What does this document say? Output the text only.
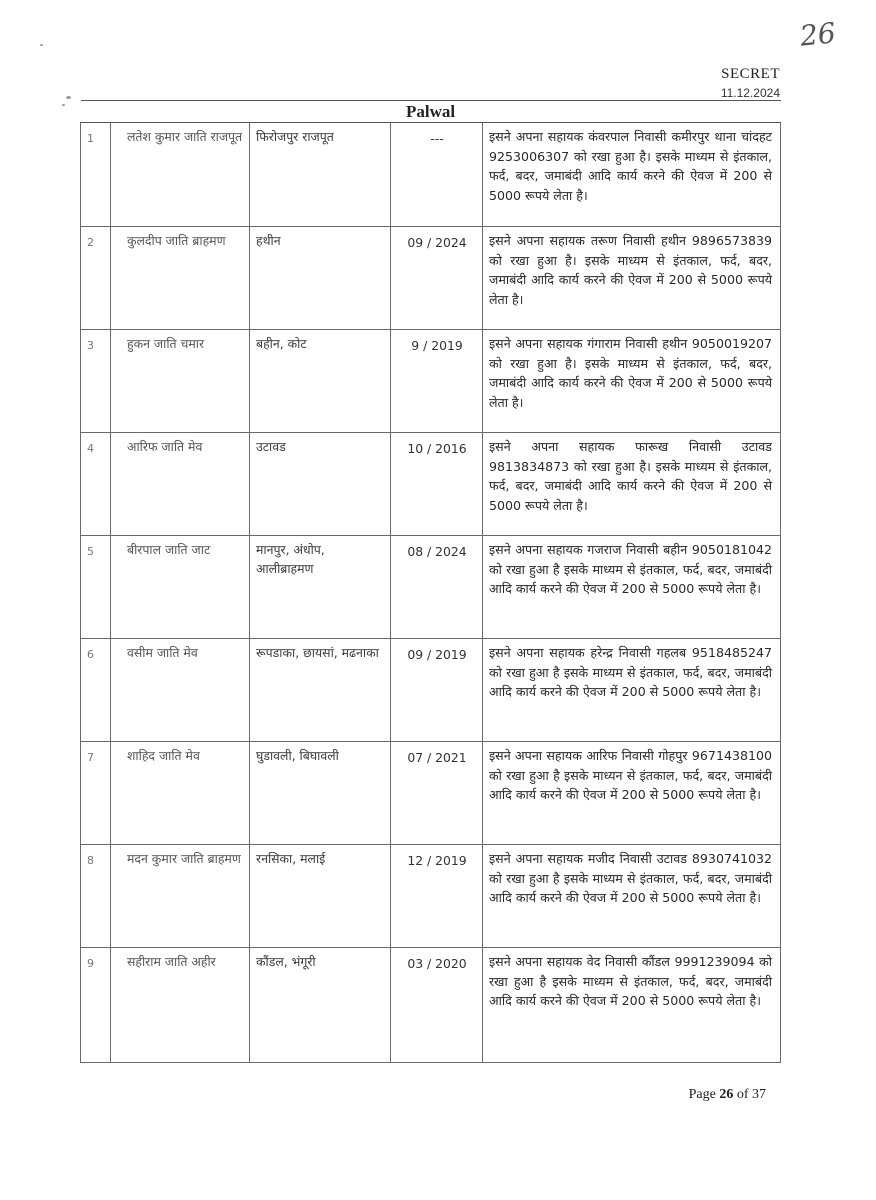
26
SECRET
11.12.2024
Palwal				
1	लतेश कुमार जाति राजपूत	फिरोजपुर राजपूत	---	इसने अपना सहायक कंवरपाल निवासी कमीरपुर थाना चांदहट 9253006307 को रखा हुआ है। इसके माध्यम से इंतकाल, फर्द, बदर, जमाबंदी आदि कार्य करने की ऐवज में 200 से 5000 रूपये लेता है।
2	कुलदीप जाति ब्राहमण	हथीन	09 / 2024	इसने अपना सहायक तरूण निवासी हथीन 9896573839 को रखा हुआ है। इसके माध्यम से इंतकाल, फर्द, बदर, जमाबंदी आदि कार्य करने की ऐवज में 200 से 5000 रूपये लेता है।
3	हुकन जाति चमार	बहीन, कोट	9 / 2019	इसने अपना सहायक गंगाराम निवासी हथीन 9050019207 को रखा हुआ है। इसके माध्यम से इंतकाल, फर्द, बदर, जमाबंदी आदि कार्य करने की ऐवज में 200 से 5000 रूपये लेता है।
4	आरिफ जाति मेव	उटावड	10 / 2016	इसने अपना सहायक फारूख निवासी उटावड 9813834873 को रखा हुआ है। इसके माध्यम से इंतकाल, फर्द, बदर, जमाबंदी आदि कार्य करने की ऐवज में 200 से 5000 रूपये लेता है।
5	बीरपाल जाति जाट	मानपुर, अंधोप, आलीब्राहमण	08 / 2024	इसने अपना सहायक गजराज निवासी बहीन 9050181042 को रखा हुआ है इसके माध्यम से इंतकाल, फर्द, बदर, जमाबंदी आदि कार्य करने की ऐवज में 200 से 5000 रूपये लेता है।
6	वसीम जाति मेव	रूपडाका, छायसां, मढनाका	09 / 2019	इसने अपना सहायक हरेन्द्र निवासी गहलब 9518485247 को रखा हुआ है इसके माध्यम से इंतकाल, फर्द, बदर, जमाबंदी आदि कार्य करने की ऐवज में 200 से 5000 रूपये लेता है।
7	शाहिद जाति मेव	घुडावली, बिघावली	07 / 2021	इसने अपना सहायक आरिफ निवासी गोहपुर 9671438100 को रखा हुआ है इसके माध्यन से इंतकाल, फर्द, बदर, जमाबंदी आदि कार्य करने की ऐवज में 200 से 5000 रूपये लेता है।
8	मदन कुमार जाति ब्राहमण	रनसिका, मलाई	12 / 2019	इसने अपना सहायक मजीद निवासी उटावड 8930741032 को रखा हुआ है इसके माध्यम से इंतकाल, फर्द, बदर, जमाबंदी आदि कार्य करने की ऐवज में 200 से 5000 रूपये लेता है।
9	सहीराम जाति अहीर	कौंडल, भंगूरी	03 / 2020	इसने अपना सहायक वेद निवासी कौंडल 9991239094 को रखा हुआ है इसके माध्यम से इंतकाल, फर्द, बदर, जमाबंदी आदि कार्य करने की ऐवज में 200 से 5000 रूपये लेता है।
Page 26 of 37
